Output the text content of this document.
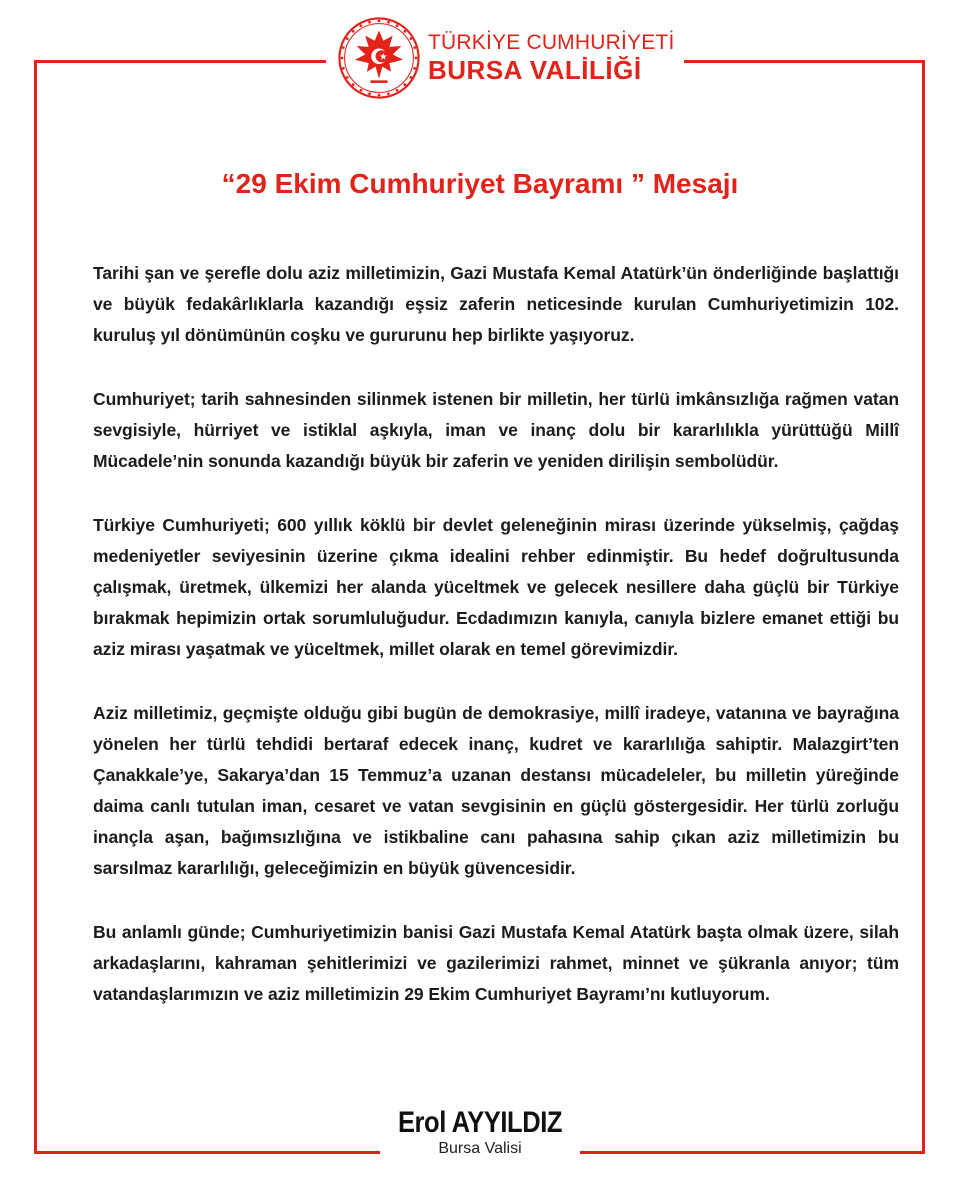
TÜRKİYE CUMHURİYETİ
BURSA VALİLİĞİ
“29 Ekim Cumhuriyet Bayramı ” Mesajı

Tarihi şan ve şerefle dolu aziz milletimizin, Gazi Mustafa Kemal Atatürk’ün önderliğinde başlattığı ve büyük fedakârlıklarla kazandığı eşsiz zaferin neticesinde kurulan Cumhuriyetimizin 102. kuruluş yıl dönümünün coşku ve gururunu hep birlikte yaşıyoruz.

Cumhuriyet; tarih sahnesinden silinmek istenen bir milletin, her türlü imkânsızlığa rağmen vatan sevgisiyle, hürriyet ve istiklal aşkıyla, iman ve inanç dolu bir kararlılıkla yürüttüğü Millî Mücadele’nin sonunda kazandığı büyük bir zaferin ve yeniden dirilişin sembolüdür.

Türkiye Cumhuriyeti; 600 yıllık köklü bir devlet geleneğinin mirası üzerinde yükselmiş, çağdaş medeniyetler seviyesinin üzerine çıkma idealini rehber edinmiştir. Bu hedef doğrultusunda çalışmak, üretmek, ülkemizi her alanda yüceltmek ve gelecek nesillere daha güçlü bir Türkiye bırakmak hepimizin ortak sorumluluğudur. Ecdadımızın kanıyla, canıyla bizlere emanet ettiği bu aziz mirası yaşatmak ve yüceltmek, millet olarak en temel görevimizdir.

Aziz milletimiz, geçmişte olduğu gibi bugün de demokrasiye, millî iradeye, vatanına ve bayrağına yönelen her türlü tehdidi bertaraf edecek inanç, kudret ve kararlılığa sahiptir. Malazgirt’ten Çanakkale’ye, Sakarya’dan 15 Temmuz’a uzanan destansı mücadeleler, bu milletin yüreğinde daima canlı tutulan iman, cesaret ve vatan sevgisinin en güçlü göstergesidir. Her türlü zorluğu inançla aşan, bağımsızlığına ve istikbaline canı pahasına sahip çıkan aziz milletimizin bu sarsılmaz kararlılığı, geleceğimizin en büyük güvencesidir.

Bu anlamlı günde; Cumhuriyetimizin banisi Gazi Mustafa Kemal Atatürk başta olmak üzere, silah arkadaşlarını, kahraman şehitlerimizi ve gazilerimizi rahmet, minnet ve şükranla anıyor; tüm vatandaşlarımızın ve aziz milletimizin 29 Ekim Cumhuriyet Bayramı’nı kutluyorum.

Erol AYYILDIZ
Bursa Valisi
